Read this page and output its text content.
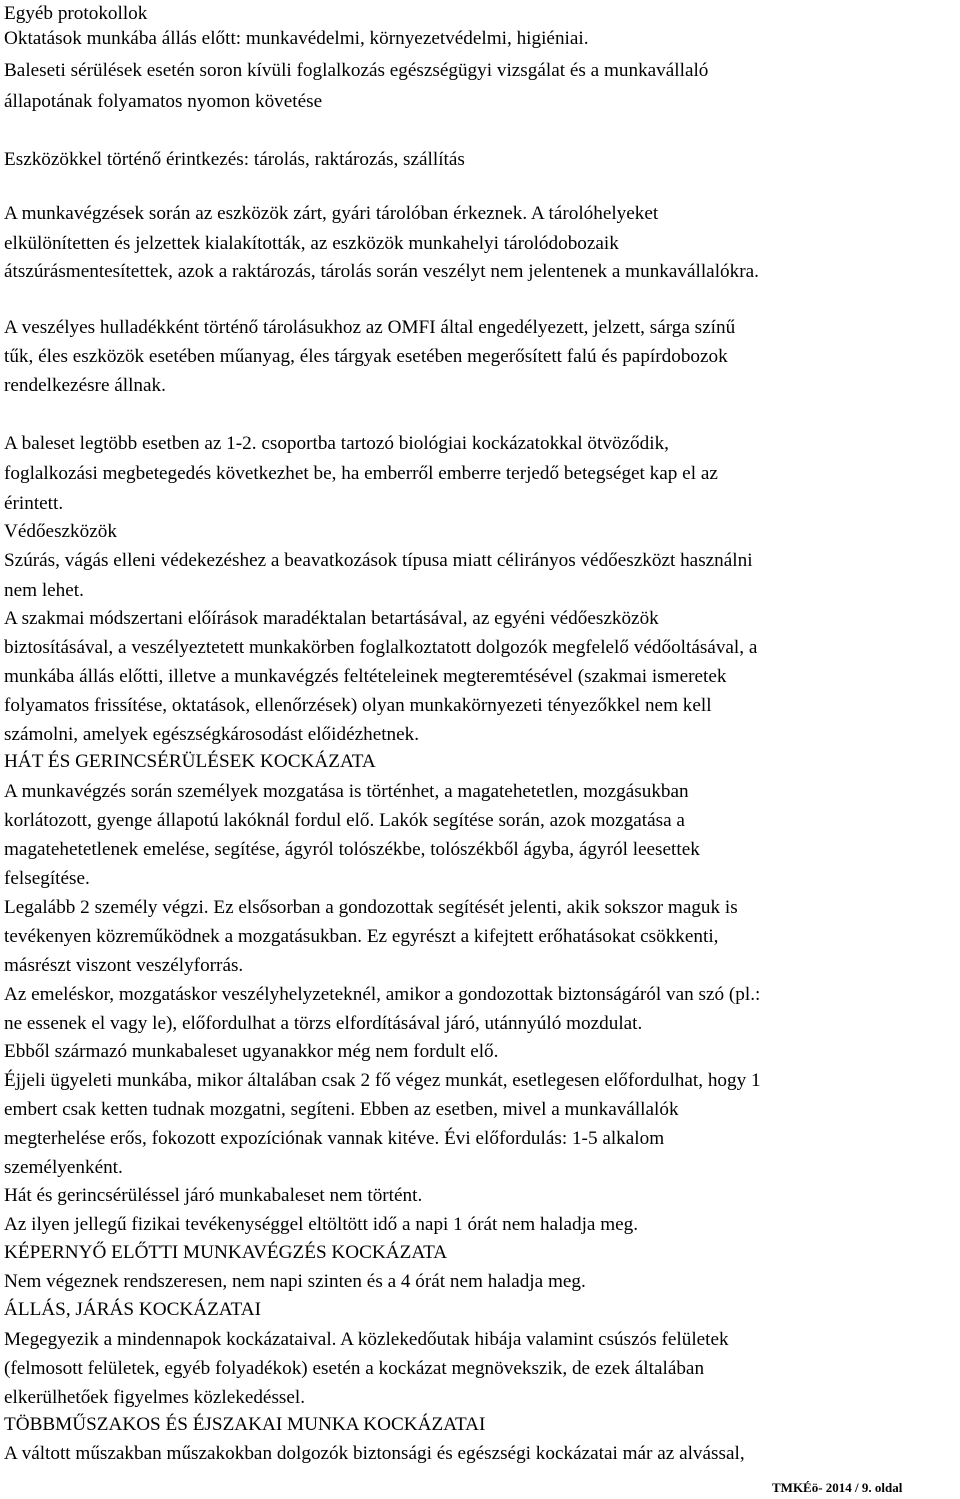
Egyéb protokollok

Oktatások munkába állás előtt: munkavédelmi, környezetvédelmi, higiéniai.

Baleseti sérülések esetén soron kívüli foglalkozás egészségügyi vizsgálat és a munkavállaló

állapotának folyamatos nyomon követése

Eszközökkel történő érintkezés: tárolás, raktározás, szállítás

A munkavégzések során az eszközök zárt, gyári tárolóban érkeznek. A tárolóhelyeket

elkülönítetten és jelzettek kialakították, az eszközök munkahelyi tárolódobozaik

átszúrásmentesítettek, azok a raktározás, tárolás során veszélyt nem jelentenek a munkavállalókra.

A veszélyes hulladékként történő tárolásukhoz az OMFI által engedélyezett, jelzett, sárga színű

tűk, éles eszközök esetében műanyag, éles tárgyak esetében megerősített falú és papírdobozok

rendelkezésre állnak.

A baleset legtöbb esetben az 1-2. csoportba tartozó biológiai kockázatokkal ötvöződik,

foglalkozási megbetegedés következhet be, ha emberről emberre terjedő betegséget kap el az

érintett.

Védőeszközök

Szúrás, vágás elleni védekezéshez a beavatkozások típusa miatt célirányos védőeszközt használni

nem lehet.

A szakmai módszertani előírások maradéktalan betartásával, az egyéni védőeszközök

biztosításával, a veszélyeztetett munkakörben foglalkoztatott dolgozók megfelelő védőoltásával, a

munkába állás előtti, illetve a munkavégzés feltételeinek megteremtésével (szakmai ismeretek

folyamatos frissítése, oktatások, ellenőrzések) olyan munkakörnyezeti tényezőkkel nem kell

számolni, amelyek egészségkárosodást előidézhetnek.

HÁT ÉS GERINCSÉRÜLÉSEK KOCKÁZATA

A munkavégzés során személyek mozgatása is történhet, a magatehetetlen, mozgásukban

korlátozott, gyenge állapotú lakóknál fordul elő. Lakók segítése során, azok mozgatása a

magatehetetlenek emelése, segítése, ágyról tolószékbe, tolószékből ágyba, ágyról leesettek

felsegítése.

Legalább 2 személy végzi. Ez elsősorban a gondozottak segítését jelenti, akik sokszor maguk is

tevékenyen közreműködnek a mozgatásukban. Ez egyrészt a kifejtett erőhatásokat csökkenti,

másrészt viszont veszélyforrás.

Az emeléskor, mozgatáskor veszélyhelyzeteknél, amikor a gondozottak biztonságáról van szó (pl.:

ne essenek el vagy le), előfordulhat a törzs elfordításával járó, utánnyúló mozdulat.

Ebből származó munkabaleset ugyanakkor még nem fordult elő.

Éjjeli ügyeleti munkába, mikor általában csak 2 fő végez munkát, esetlegesen előfordulhat, hogy 1

embert csak ketten tudnak mozgatni, segíteni. Ebben az esetben, mivel a munkavállalók

megterhelése erős, fokozott expozíciónak vannak kitéve. Évi előfordulás: 1-5 alkalom

személyenként.

Hát és gerincsérüléssel járó munkabaleset nem történt.

Az ilyen jellegű fizikai tevékenységgel eltöltött idő a napi 1 órát nem haladja meg.

KÉPERNYŐ ELŐTTI MUNKAVÉGZÉS KOCKÁZATA

Nem végeznek rendszeresen, nem napi szinten és a 4 órát nem haladja meg.

ÁLLÁS, JÁRÁS KOCKÁZATAI

Megegyezik a mindennapok kockázataival. A közlekedőutak hibája valamint csúszós felületek

(felmosott felületek, egyéb folyadékok) esetén a kockázat megnövekszik, de ezek általában

elkerülhetőek figyelmes közlekedéssel.

TÖBBMŰSZAKOS ÉS ÉJSZAKAI MUNKA KOCKÁZATAI

A váltott műszakban műszakokban dolgozók biztonsági és egészségi kockázatai már az alvással,

TMKÉö- 2014 / 9. oldal
